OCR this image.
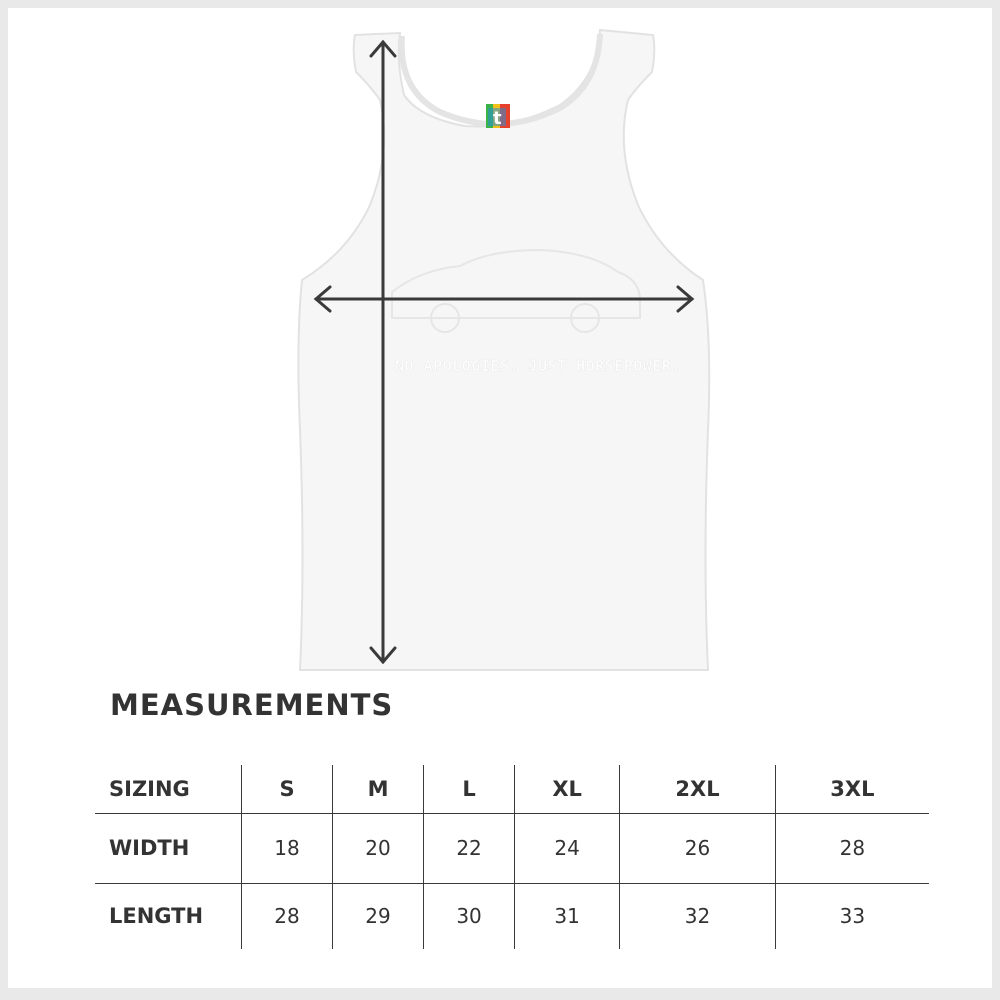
t
NO APOLOGIES. JUST HORSEPOWER.
MEASUREMENTS
SIZING	S	M	L	XL	2XL	3XL
WIDTH	18	20	22	24	26	28
LENGTH	28	29	30	31	32	33
